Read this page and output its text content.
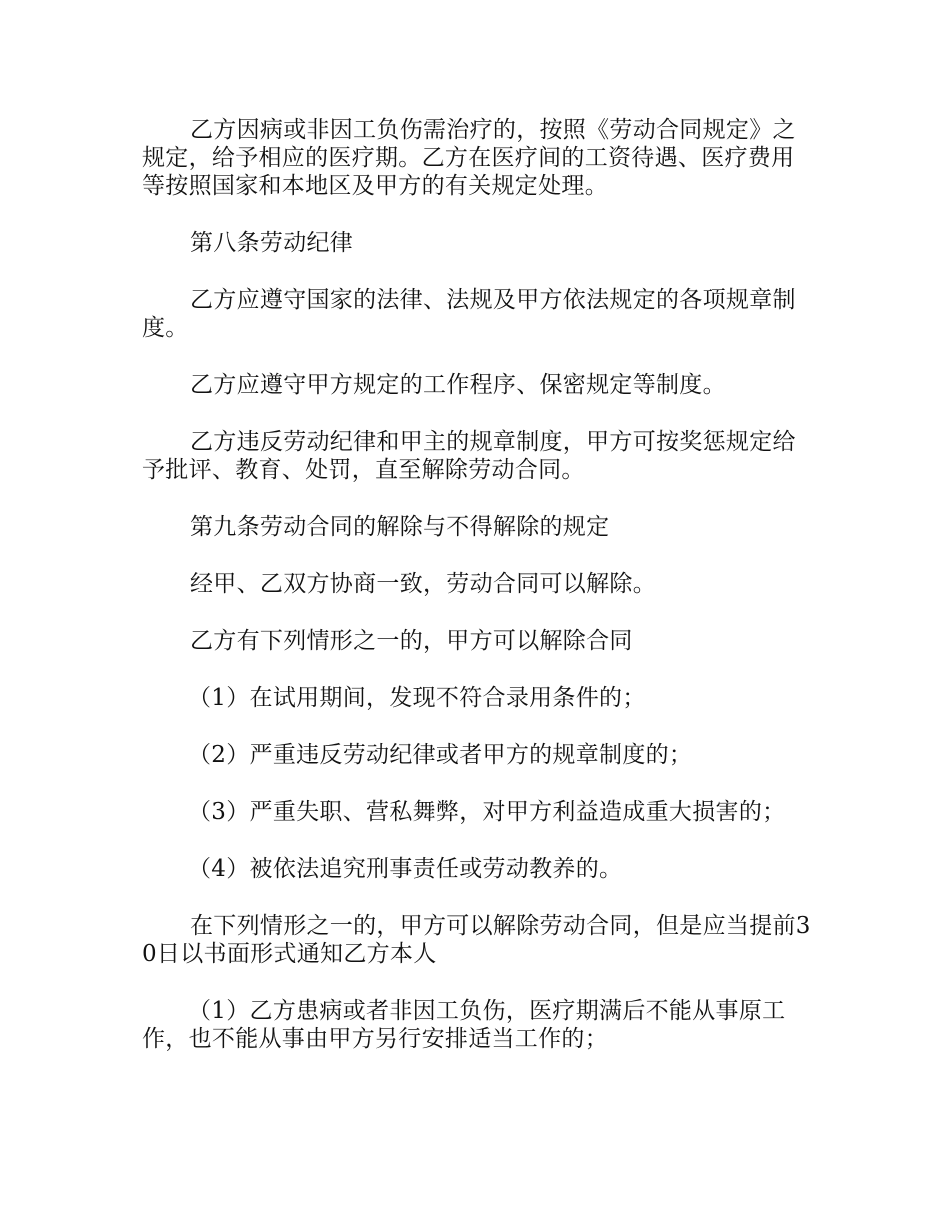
乙方因病或非因工负伤需治疗的，按照《劳动合同规定》之规定，给予相应的医疗期。乙方在医疗间的工资待遇、医疗费用等按照国家和本地区及甲方的有关规定处理。

第八条劳动纪律

乙方应遵守国家的法律、法规及甲方依法规定的各项规章制度。

乙方应遵守甲方规定的工作程序、保密规定等制度。

乙方违反劳动纪律和甲主的规章制度，甲方可按奖惩规定给予批评、教育、处罚，直至解除劳动合同。

第九条劳动合同的解除与不得解除的规定

经甲、乙双方协商一致，劳动合同可以解除。

乙方有下列情形之一的，甲方可以解除合同

（1）在试用期间，发现不符合录用条件的；

（2）严重违反劳动纪律或者甲方的规章制度的；

（3）严重失职、营私舞弊，对甲方利益造成重大损害的；

（4）被依法追究刑事责任或劳动教养的。

在下列情形之一的，甲方可以解除劳动合同，但是应当提前30日以书面形式通知乙方本人

（1）乙方患病或者非因工负伤，医疗期满后不能从事原工作，也不能从事由甲方另行安排适当工作的；
